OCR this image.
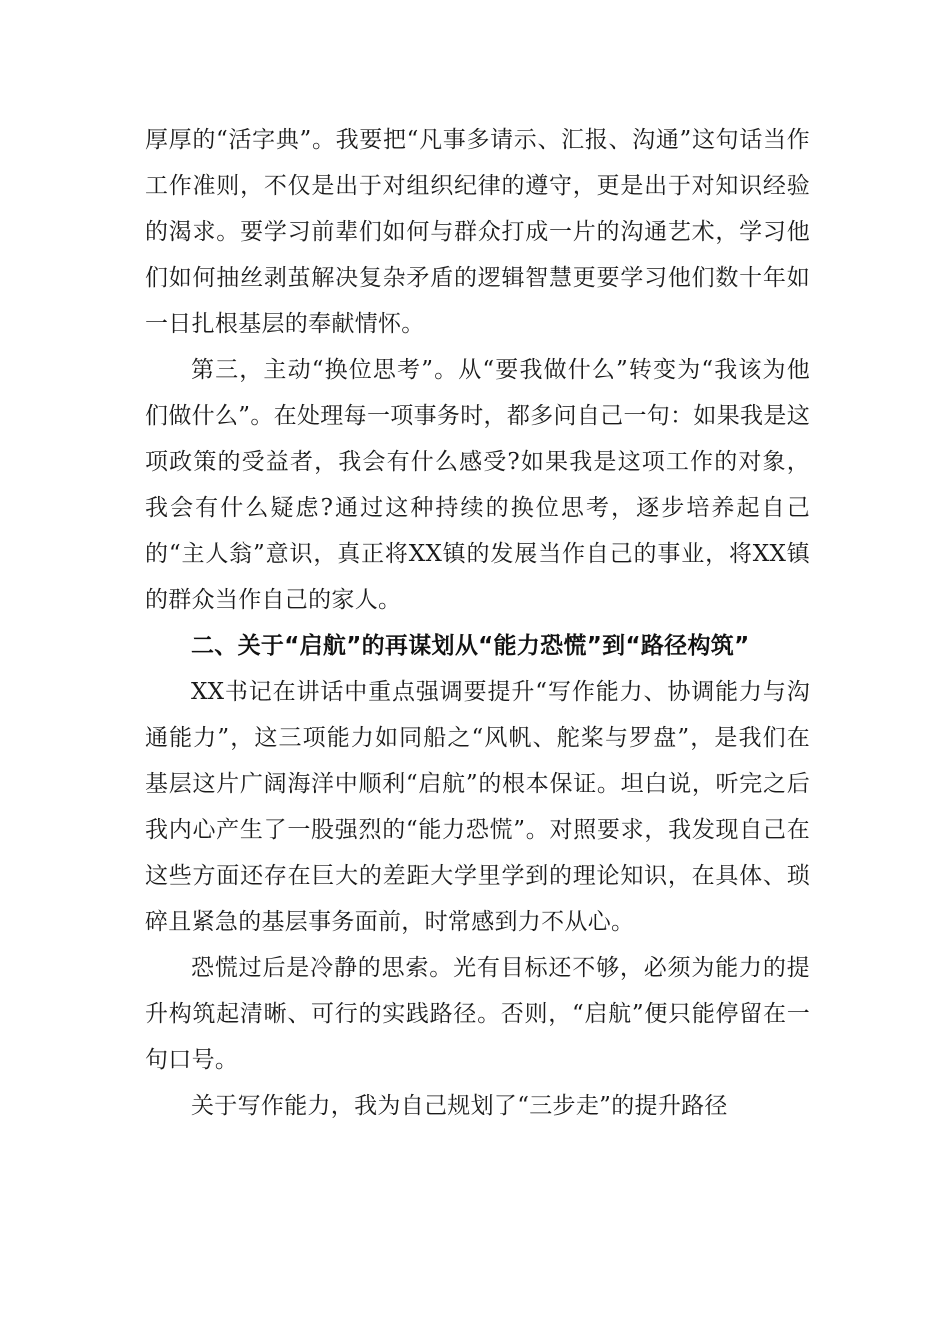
厚厚的“活字典”。我要把“凡事多请示、汇报、沟通”这句话当作工作准则，不仅是出于对组织纪律的遵守，更是出于对知识经验的渴求。要学习前辈们如何与群众打成一片的沟通艺术，学习他们如何抽丝剥茧解决复杂矛盾的逻辑智慧更要学习他们数十年如一日扎根基层的奉献情怀。

第三，主动“换位思考”。从“要我做什么”转变为“我该为他们做什么”。在处理每一项事务时，都多问自己一句：如果我是这项政策的受益者，我会有什么感受?如果我是这项工作的对象，我会有什么疑虑?通过这种持续的换位思考，逐步培养起自己的“主人翁”意识，真正将XX镇的发展当作自己的事业，将XX镇的群众当作自己的家人。

二、关于“启航”的再谋划从“能力恐慌”到“路径构筑”

XX书记在讲话中重点强调要提升“写作能力、协调能力与沟通能力”，这三项能力如同船之“风帆、舵桨与罗盘”，是我们在基层这片广阔海洋中顺利“启航”的根本保证。坦白说，听完之后我内心产生了一股强烈的“能力恐慌”。对照要求，我发现自己在这些方面还存在巨大的差距大学里学到的理论知识，在具体、琐碎且紧急的基层事务面前，时常感到力不从心。

恐慌过后是冷静的思索。光有目标还不够，必须为能力的提升构筑起清晰、可行的实践路径。否则，“启航”便只能停留在一句口号。

关于写作能力，我为自己规划了“三步走”的提升路径
